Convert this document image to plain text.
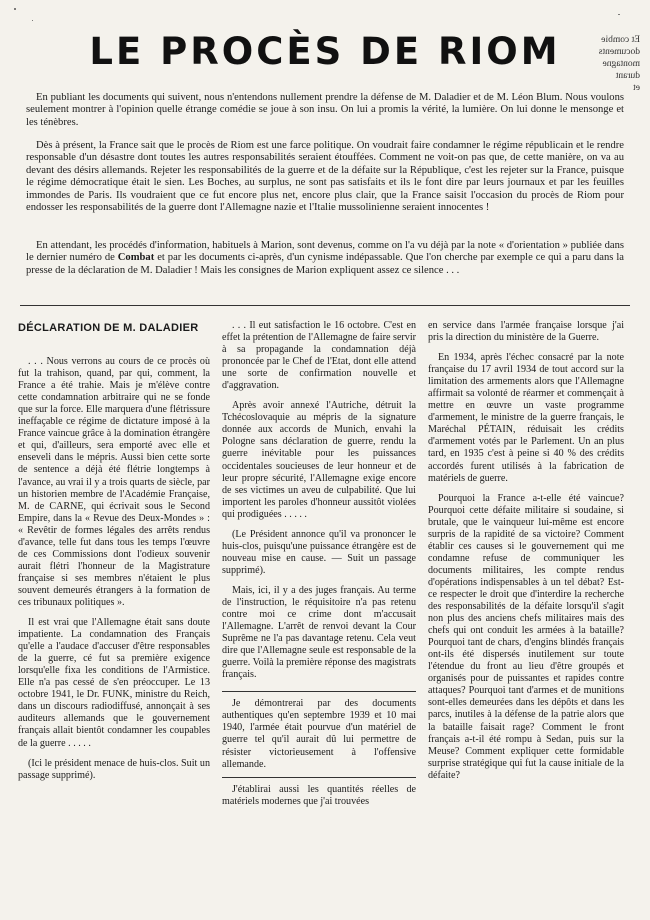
LE PROCÈS DE RIOM	Et combie
documents
montagne
durant
et

En publiant les documents qui suivent, nous n'entendons nullement prendre la défense de M. Daladier et de M. Léon Blum. Nous voulons seulement montrer à l'opinion quelle étrange comédie se joue à son insu. On lui a promis la vérité, la lumière. On lui donne le mensonge et les ténèbres.

Dès à présent, la France sait que le procès de Riom est une farce politique. On voudrait faire condamner le régime républicain et le rendre responsable d'un désastre dont toutes les autres responsabilités seraient étouffées. Comment ne voit-on pas que, de cette manière, on va au devant des désirs allemands. Rejeter les responsabilités de la guerre et de la défaite sur la République, c'est les rejeter sur la France, puisque le régime démocratique était le sien. Les Boches, au surplus, ne sont pas satisfaits et ils le font dire par leurs journaux et par les feuilles immondes de Paris. Ils voudraient que ce fut encore plus net, encore plus clair, que la France saisit l'occasion du procès de Riom pour endosser les responsabilités de la guerre dont l'Allemagne nazie et l'Italie mussolinienne seraient innocentes !

En attendant, les procédés d'information, habituels à Marion, sont devenus, comme on l'a vu déjà par la note « d'orientation » publiée dans le dernier numéro de Combat et par les documents ci-après, d'un cynisme indépassable. Que l'on cherche par exemple ce qui a paru dans la presse de la déclaration de M. Daladier ! Mais les consignes de Marion expliquent assez ce silence . . .

DÉCLARATION DE M. DALADIER

. . . Nous verrons au cours de ce procès où fut la trahison, quand, par qui, comment, la France a été trahie. Mais je m'élève contre cette condamnation arbitraire qui ne se fonde que sur la force. Elle marquera d'une flétrissure ineffaçable ce régime de dictature imposé à la France vaincue grâce à la domination étrangère et qui, d'ailleurs, sera emporté avec elle et enseveli dans le mépris. Aussi bien cette sorte de sentence a déjà été flétrie longtemps à l'avance, au vrai il y a trois quarts de siècle, par un historien membre de l'Académie Française, M. de CARNE, qui écrivait sous le Second Empire, dans la « Revue des Deux-Mondes » : « Revêtir de formes légales des arrêts rendus d'avance, telle fut dans tous les temps l'œuvre de ces Commissions dont l'odieux souvenir aurait flétri l'honneur de la Magistrature française si ses membres n'étaient le plus souvent demeurés étrangers à la formation de ces tribunaux politiques ».

Il est vrai que l'Allemagne était sans doute impatiente. La condamnation des Français qu'elle a l'audace d'accuser d'être responsables de la guerre, cé fut sa première exigence lorsqu'elle fixa les conditions de l'Armistice. Elle n'a pas cessé de s'en préoccuper. Le 13 octobre 1941, le Dr. FUNK, ministre du Reich, dans un discours radiodiffusé, annonçait à ses auditeurs allemands que le gouvernement français allait bientôt condamner les coupables de la guerre . . . . .

(Ici le président menace de huis-clos. Suit un passage supprimé).

. . . Il eut satisfaction le 16 octobre. C'est en effet la prétention de l'Allemagne de faire servir à sa propagande la condamnation déjà prononcée par le Chef de l'Etat, dont elle attend une sorte de confirmation nouvelle et d'aggravation.

Après avoir annexé l'Autriche, détruit la Tchécoslovaquie au mépris de la signature donnée aux accords de Munich, envahi la Pologne sans déclaration de guerre, rendu la guerre inévitable pour les puissances occidentales soucieuses de leur honneur et de leur propre sécurité, l'Allemagne exige encore de ses victimes un aveu de culpabilité. Que lui importent les paroles d'honneur aussitôt violées qui prodiguées . . . . .

(Le Président annonce qu'il va prononcer le huis-clos, puisqu'une puissance étrangère est de nouveau mise en cause. — Suit un passage supprimé).

Mais, ici, il y a des juges français. Au terme de l'instruction, le réquisitoire n'a pas retenu contre moi ce crime dont m'accusait l'Allemagne. L'arrêt de renvoi devant la Cour Suprême ne l'a pas davantage retenu. Cela veut dire que l'Allemagne seule est responsable de la guerre. Voilà la première réponse des magistrats français.

Je démontrerai par des documents authentiques qu'en septembre 1939 et 10 mai 1940, l'armée était pourvue d'un matériel de guerre tel qu'il aurait dû lui permettre de résister victorieusement à l'offensive allemande.

J'établirai aussi les quantités réelles de matériels modernes que j'ai trouvées

en service dans l'armée française lorsque j'ai pris la direction du ministère de la Guerre.

En 1934, après l'échec consacré par la note française du 17 avril 1934 de tout accord sur la limitation des armements alors que l'Allemagne affirmait sa volonté de réarmer et commençait à mettre en œuvre un vaste programme d'armement, le ministre de la guerre français, le Maréchal PÉTAIN, réduisait les crédits d'armement votés par le Parlement. Un an plus tard, en 1935 c'est à peine si 40 % des crédits accordés furent utilisés à la fabrication de matériels de guerre.

Pourquoi la France a-t-elle été vaincue? Pourquoi cette défaite militaire si soudaine, si brutale, que le vainqueur lui-même est encore surpris de la rapidité de sa victoire? Comment établir ces causes si le gouvernement qui me condamne refuse de communiquer les documents militaires, les compte rendus d'opérations indispensables à un tel débat? Est-ce respecter le droit que d'interdire la recherche des responsabilités de la défaite lorsqu'il s'agit non plus des anciens chefs militaires mais des chefs qui ont conduit les armées à la bataille? Pourquoi tant de chars, d'engins blindés français ont-ils été dispersés inutilement sur toute l'étendue du front au lieu d'être groupés et organisés pour de puissantes et rapides contre attaques? Pourquoi tant d'armes et de munitions sont-elles demeurées dans les dépôts et dans les parcs, inutiles à la défense de la patrie alors que la bataille faisait rage? Comment le front français a-t-il été rompu à Sedan, puis sur la Meuse? Comment expliquer cette formidable surprise stratégique qui fut la cause initiale de la défaite?
